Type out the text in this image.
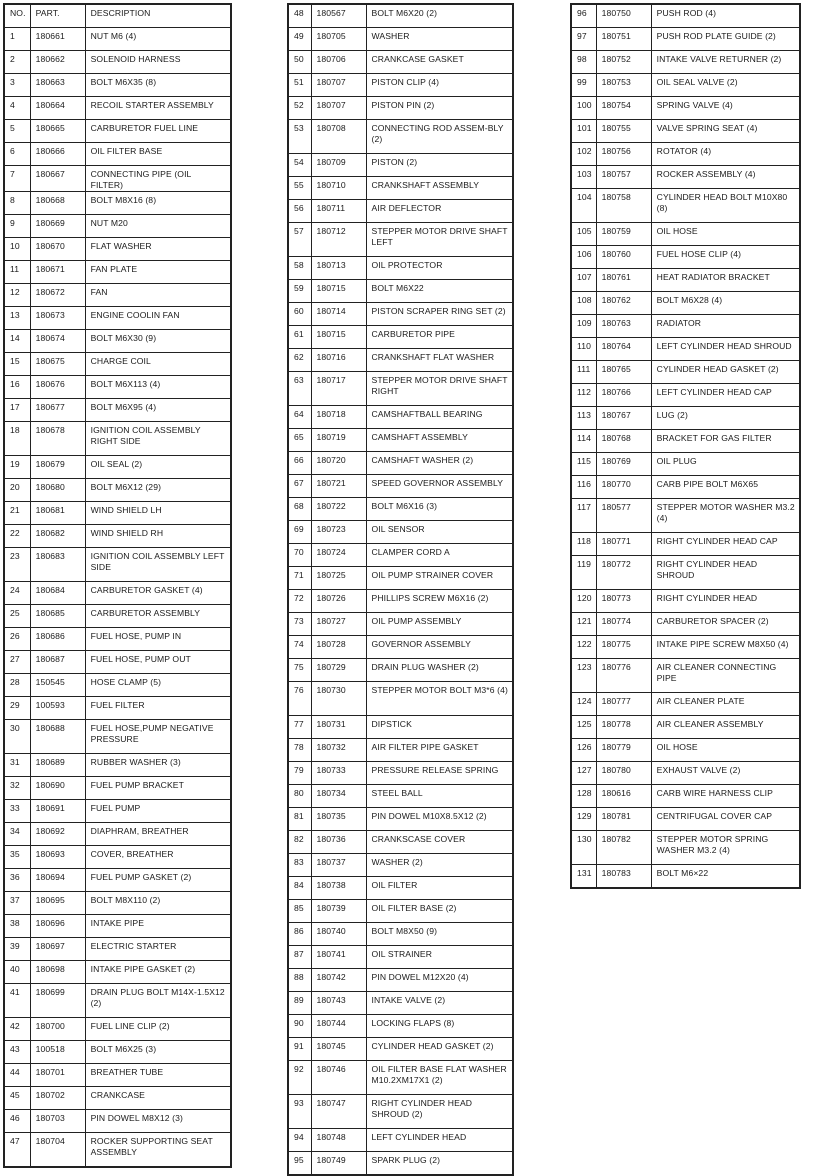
NO.	PART.	DESCRIPTION
1	180661	NUT M6 (4)
2	180662	SOLENOID HARNESS
3	180663	BOLT M6X35 (8)
4	180664	RECOIL STARTER ASSEMBLY
5	180665	CARBURETOR FUEL LINE
6	180666	OIL FILTER BASE
7	180667	CONNECTING PIPE (OIL FILTER)
8	180668	BOLT M8X16 (8)
9	180669	NUT M20
10	180670	FLAT WASHER
11	180671	FAN PLATE
12	180672	FAN
13	180673	ENGINE COOLIN FAN
14	180674	BOLT M6X30 (9)
15	180675	CHARGE COIL
16	180676	BOLT M6X113 (4)
17	180677	BOLT M6X95 (4)
18	180678	IGNITION COIL ASSEMBLY RIGHT SIDE
19	180679	OIL SEAL (2)
20	180680	BOLT M6X12 (29)
21	180681	WIND SHIELD LH
22	180682	WIND SHIELD RH
23	180683	IGNITION COIL ASSEMBLY LEFT SIDE
24	180684	CARBURETOR GASKET (4)
25	180685	CARBURETOR ASSEMBLY
26	180686	FUEL HOSE, PUMP IN
27	180687	FUEL HOSE, PUMP OUT
28	150545	HOSE CLAMP (5)
29	100593	FUEL FILTER
30	180688	FUEL HOSE,PUMP NEGATIVE PRESSURE
31	180689	RUBBER WASHER (3)
32	180690	FUEL PUMP BRACKET
33	180691	FUEL PUMP
34	180692	DIAPHRAM, BREATHER
35	180693	COVER, BREATHER
36	180694	FUEL PUMP GASKET (2)
37	180695	BOLT M8X110 (2)
38	180696	INTAKE PIPE
39	180697	ELECTRIC STARTER
40	180698	INTAKE PIPE GASKET (2)
41	180699	DRAIN PLUG BOLT M14X-1.5X12 (2)
42	180700	FUEL LINE CLIP (2)
43	100518	BOLT M6X25 (3)
44	180701	BREATHER TUBE
45	180702	CRANKCASE
46	180703	PIN DOWEL M8X12 (3)
47	180704	ROCKER SUPPORTING SEAT ASSEMBLY
48	180567	BOLT M6X20 (2)
49	180705	WASHER
50	180706	CRANKCASE GASKET
51	180707	PISTON CLIP (4)
52	180707	PISTON PIN (2)
53	180708	CONNECTING ROD ASSEM-BLY (2)
54	180709	PISTON (2)
55	180710	CRANKSHAFT ASSEMBLY
56	180711	AIR DEFLECTOR
57	180712	STEPPER MOTOR DRIVE SHAFT LEFT
58	180713	OIL PROTECTOR
59	180715	BOLT M6X22
60	180714	PISTON SCRAPER RING SET (2)
61	180715	CARBURETOR PIPE
62	180716	CRANKSHAFT FLAT WASHER
63	180717	STEPPER MOTOR DRIVE SHAFT RIGHT
64	180718	CAMSHAFTBALL BEARING
65	180719	CAMSHAFT ASSEMBLY
66	180720	CAMSHAFT WASHER (2)
67	180721	SPEED GOVERNOR ASSEMBLY
68	180722	BOLT M6X16 (3)
69	180723	OIL SENSOR
70	180724	CLAMPER CORD A
71	180725	OIL PUMP STRAINER COVER
72	180726	PHILLIPS SCREW M6X16 (2)
73	180727	OIL PUMP ASSEMBLY
74	180728	GOVERNOR ASSEMBLY
75	180729	DRAIN PLUG WASHER (2)
76	180730	STEPPER MOTOR BOLT M3*6 (4)
77	180731	DIPSTICK
78	180732	AIR FILTER PIPE GASKET
79	180733	PRESSURE RELEASE SPRING
80	180734	STEEL BALL
81	180735	PIN DOWEL M10X8.5X12 (2)
82	180736	CRANKSCASE COVER
83	180737	WASHER (2)
84	180738	OIL FILTER
85	180739	OIL FILTER BASE (2)
86	180740	BOLT M8X50 (9)
87	180741	OIL STRAINER
88	180742	PIN DOWEL M12X20 (4)
89	180743	INTAKE VALVE (2)
90	180744	LOCKING FLAPS (8)
91	180745	CYLINDER HEAD GASKET (2)
92	180746	OIL FILTER BASE FLAT WASHER M10.2XM17X1 (2)
93	180747	RIGHT CYLINDER HEAD SHROUD (2)
94	180748	LEFT CYLINDER HEAD
95	180749	SPARK PLUG (2)
96	180750	PUSH ROD (4)
97	180751	PUSH ROD PLATE GUIDE (2)
98	180752	INTAKE VALVE RETURNER (2)
99	180753	OIL SEAL VALVE (2)
100	180754	SPRING VALVE (4)
101	180755	VALVE SPRING SEAT (4)
102	180756	ROTATOR (4)
103	180757	ROCKER ASSEMBLY (4)
104	180758	CYLINDER HEAD BOLT M10X80 (8)
105	180759	OIL HOSE
106	180760	FUEL HOSE CLIP (4)
107	180761	HEAT RADIATOR BRACKET
108	180762	BOLT M6X28 (4)
109	180763	RADIATOR
110	180764	LEFT CYLINDER HEAD SHROUD
111	180765	CYLINDER HEAD GASKET (2)
112	180766	LEFT CYLINDER HEAD CAP
113	180767	LUG (2)
114	180768	BRACKET FOR GAS FILTER
115	180769	OIL PLUG
116	180770	CARB PIPE BOLT M6X65
117	180577	STEPPER MOTOR WASHER M3.2 (4)
118	180771	RIGHT CYLINDER HEAD CAP
119	180772	RIGHT CYLINDER HEAD SHROUD
120	180773	RIGHT CYLINDER HEAD
121	180774	CARBURETOR SPACER (2)
122	180775	INTAKE PIPE SCREW M8X50 (4)
123	180776	AIR CLEANER CONNECTING PIPE
124	180777	AIR CLEANER PLATE
125	180778	AIR CLEANER ASSEMBLY
126	180779	OIL HOSE
127	180780	EXHAUST VALVE (2)
128	180616	CARB WIRE HARNESS CLIP
129	180781	CENTRIFUGAL COVER CAP
130	180782	STEPPER MOTOR SPRING WASHER M3.2 (4)
131	180783	BOLT M6×22
